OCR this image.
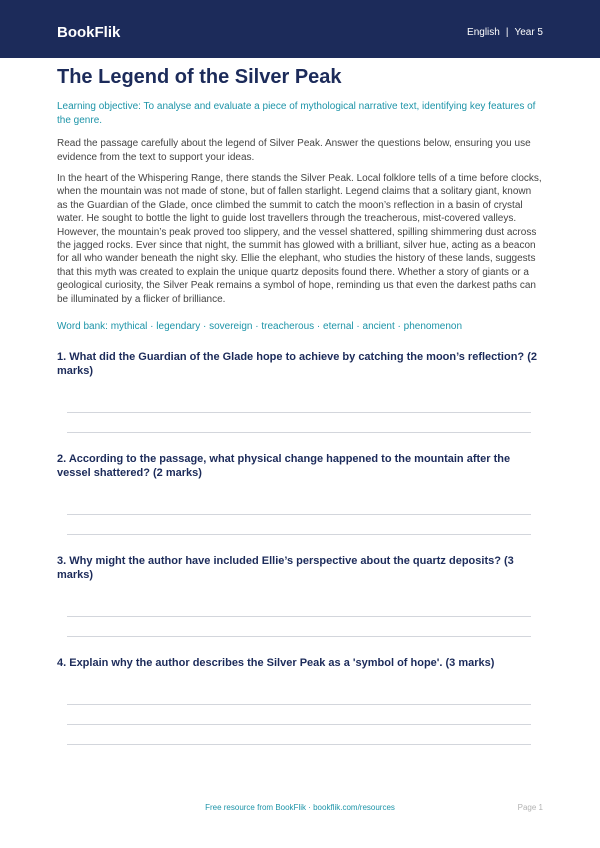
BookFlik	English | Year 5
The Legend of the Silver Peak

Learning objective: To analyse and evaluate a piece of mythological narrative text, identifying key features of the genre.

Read the passage carefully about the legend of Silver Peak. Answer the questions below, ensuring you use evidence from the text to support your ideas.

In the heart of the Whispering Range, there stands the Silver Peak. Local folklore tells of a time before clocks, when the mountain was not made of stone, but of fallen starlight. Legend claims that a solitary giant, known as the Guardian of the Glade, once climbed the summit to catch the moon’s reflection in a basin of crystal water. He sought to bottle the light to guide lost travellers through the treacherous, mist-covered valleys. However, the mountain’s peak proved too slippery, and the vessel shattered, spilling shimmering dust across the jagged rocks. Ever since that night, the summit has glowed with a brilliant, silver hue, acting as a beacon for all who wander beneath the night sky. Ellie the elephant, who studies the history of these lands, suggests that this myth was created to explain the unique quartz deposits found there. Whether a story of giants or a geological curiosity, the Silver Peak remains a symbol of hope, reminding us that even the darkest paths can be illuminated by a flicker of brilliance.

Word bank: mythical · legendary · sovereign · treacherous · eternal · ancient · phenomenon

1. What did the Guardian of the Glade hope to achieve by catching the moon’s reflection? (2 marks)

2. According to the passage, what physical change happened to the mountain after the vessel shattered? (2 marks)

3. Why might the author have included Ellie’s perspective about the quartz deposits? (3 marks)

4. Explain why the author describes the Silver Peak as a 'symbol of hope'. (3 marks)

Free resource from BookFlik · bookflik.com/resources	Page 1
